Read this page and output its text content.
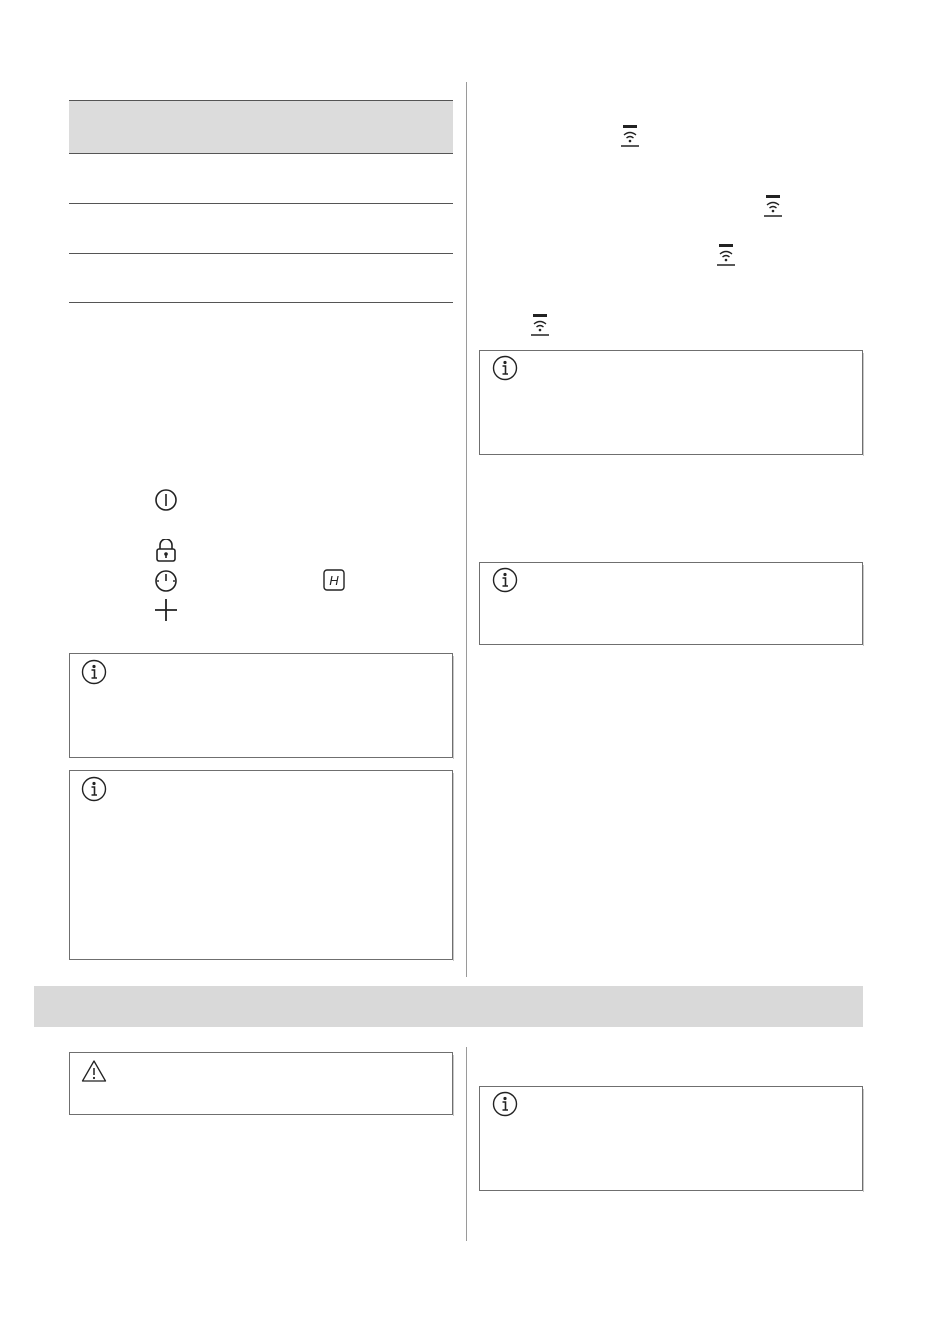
H
